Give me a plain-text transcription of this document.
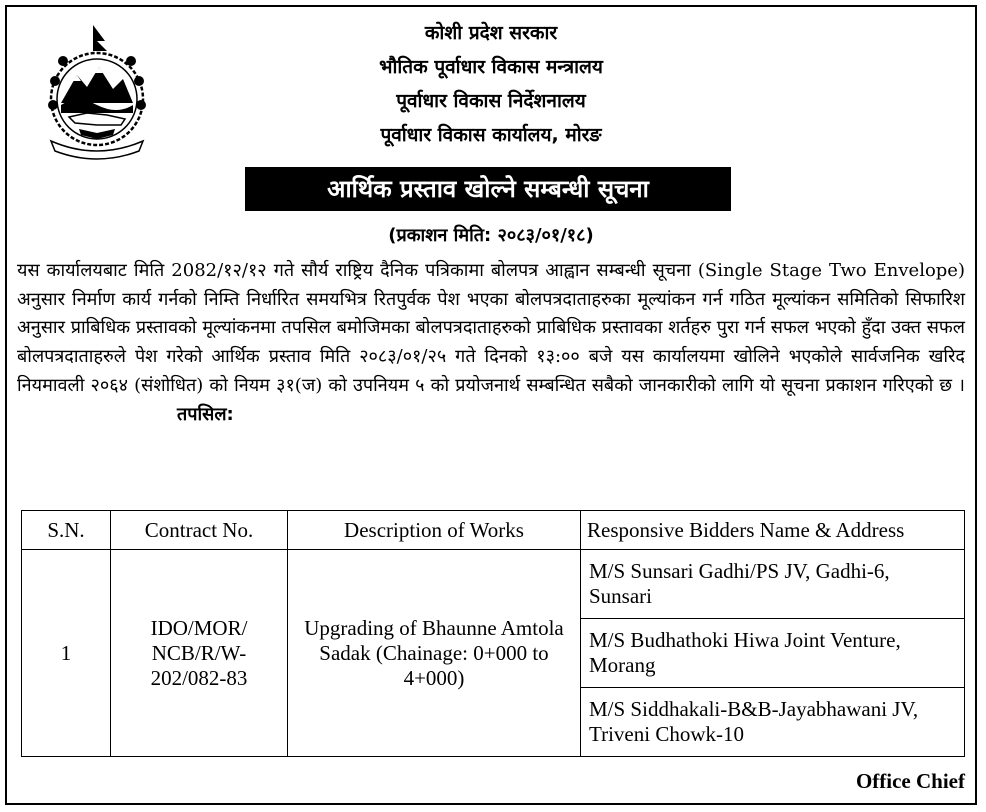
कोशी प्रदेश सरकार
भौतिक पूर्वाधार विकास मन्त्रालय
पूर्वाधार विकास निर्देशनालय
पूर्वाधार विकास कार्यालय, मोरङ
आर्थिक प्रस्ताव खोल्ने सम्बन्धी सूचना
(प्रकाशन मिति: २०८३/०१/१८)
यस कार्यालयबाट मिति 2082/१२/१२ गते सौर्य राष्ट्रिय दैनिक पत्रिकामा बोलपत्र आह्वान सम्बन्धी सूचना (Single Stage Two Envelope) अनुसार निर्माण कार्य गर्नको निम्ति निर्धारित समयभित्र रितपुर्वक पेश भएका बोलपत्रदाताहरुका मूल्यांकन गर्न गठित मूल्यांकन समितिको सिफारिश अनुसार प्राबिधिक प्रस्तावको मूल्यांकनमा तपसिल बमोजिमका बोलपत्रदाताहरुको प्राबिधिक प्रस्तावका शर्तहरु पुरा गर्न सफल भएको हुँदा उक्त सफल बोलपत्रदाताहरुले पेश गरेको आर्थिक प्रस्ताव मिति २०८३/०१/२५ गते दिनको १३:०० बजे यस कार्यालयमा खोलिने भएकोले सार्वजनिक खरिद नियमावली २०६४ (संशोधित) को नियम ३१(ज) को उपनियम ५ को प्रयोजनार्थ सम्बन्धित सबैको जानकारीको लागि यो सूचना प्रकाशन गरिएको छ । तपसिल:
S.N.	Contract No.	Description of Works	Responsive Bidders Name & Address
1	IDO/MOR/ NCB/R/W- 202/082-83	Upgrading of Bhaunne Amtola Sadak (Chainage: 0+000 to 4+000)	M/S Sunsari Gadhi/PS JV, Gadhi-6, Sunsari
			M/S Budhathoki Hiwa Joint Venture, Morang
			M/S Siddhakali-B&B-Jayabhawani JV, Triveni Chowk-10
Office Chief
